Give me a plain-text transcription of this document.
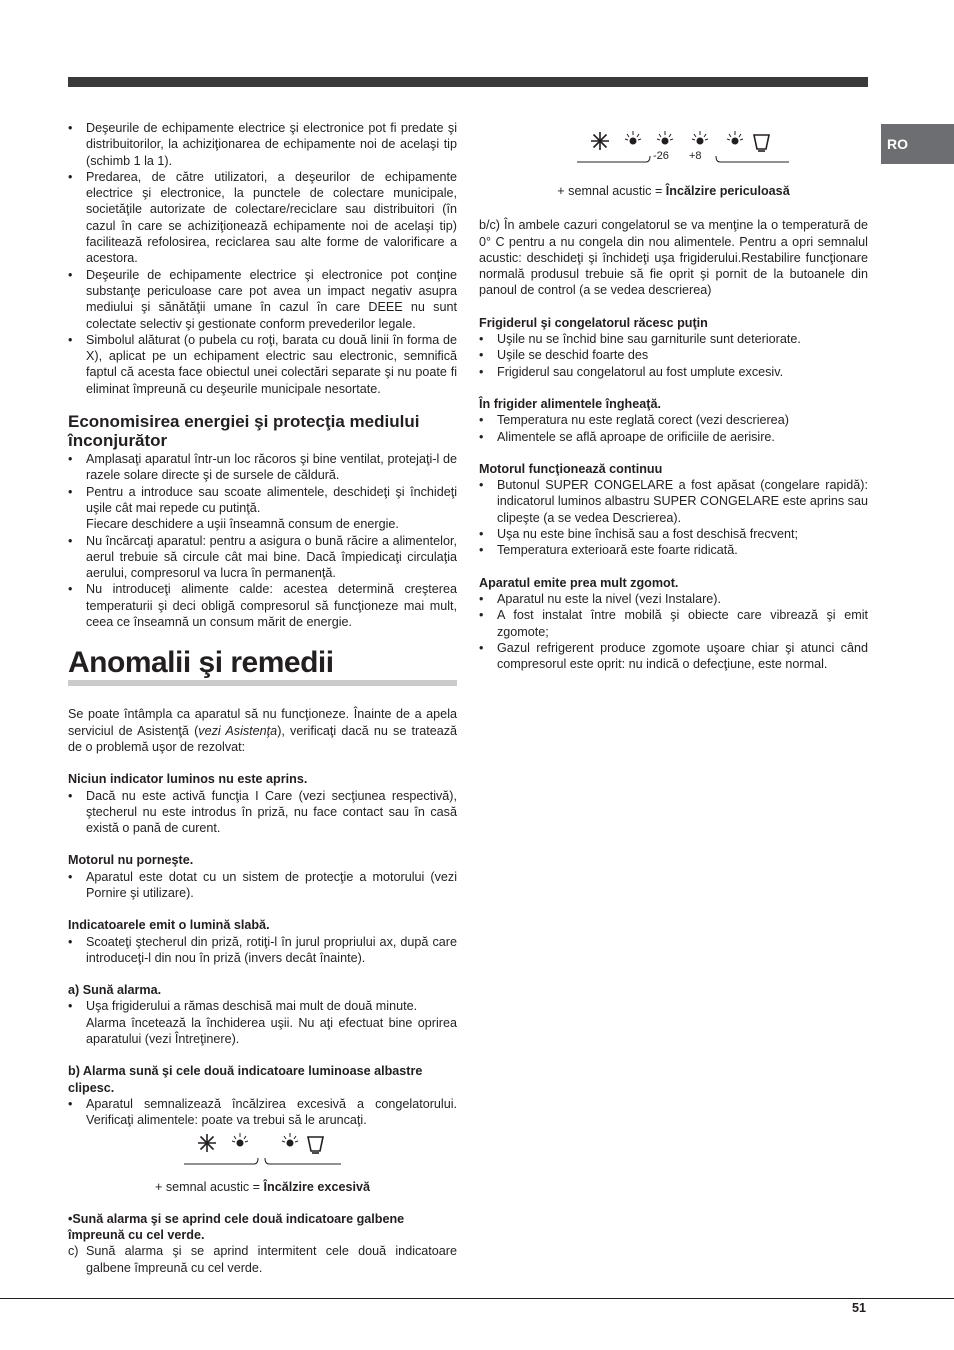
RO
• Deşeurile de echipamente electrice şi electronice pot fi predate şi distribuitorilor, la achiziţionarea de echipamente noi de acelaşi tip (schimb 1 la 1).
• Predarea, de către utilizatori, a deşeurilor de echipamente electrice şi electronice, la punctele de colectare municipale, societăţile autorizate de colectare/reciclare sau distribuitori (în cazul în care se achiziţionează echipamente noi de acelaşi tip) facilitează refolosirea, reciclarea sau alte forme de valorificare a acestora.
• Deşeurile de echipamente electrice şi electronice pot conţine substanţe periculoase care pot avea un impact negativ asupra mediului şi sănătăţii umane în cazul în care DEEE nu sunt colectate selectiv şi gestionate conform prevederilor legale.
• Simbolul alăturat (o pubela cu roţi, barata cu două linii în forma de X), aplicat pe un echipament electric sau electronic, semnifică faptul că acesta face obiectul unei colectări separate şi nu poate fi eliminat împreună cu deşeurile municipale nesortate.
Economisirea energiei şi protecţia mediului înconjurător
• Amplasaţi aparatul într-un loc răcoros şi bine ventilat, protejaţi-l de razele solare directe şi de sursele de căldură.
• Pentru a introduce sau scoate alimentele, deschideţi şi închideţi uşile cât mai repede cu putinţă.
Fiecare deschidere a uşii înseamnă consum de energie.
• Nu încărcaţi aparatul: pentru a asigura o bună răcire a alimentelor, aerul trebuie să circule cât mai bine. Dacă împiedicaţi circulaţia aerului, compresorul va lucra în permanenţă.
• Nu introduceţi alimente calde: acestea determină creşterea temperaturii şi deci obligă compresorul să funcţioneze mai mult, ceea ce înseamnă un consum mărit de energie.
Anomalii şi remedii

Se poate întâmpla ca aparatul să nu funcţioneze. Înainte de a apela serviciul de Asistenţă (vezi Asistenţa), verificaţi dacă nu se tratează de o problemă uşor de rezolvat:

Niciun indicator luminos nu este aprins.
• Dacă nu este activă funcţia I Care (vezi secţiunea respectivă), ştecherul nu este introdus în priză, nu face contact sau în casă există o pană de curent.
Motorul nu porneşte.
• Aparatul este dotat cu un sistem de protecţie a motorului (vezi Pornire şi utilizare).
Indicatoarele emit o lumină slabă.
• Scoateţi ştecherul din priză, rotiţi-l în jurul propriului ax, după care introduceţi-l din nou în priză (invers decât înainte).
a) Sună alarma.
• Uşa frigiderului a rămas deschisă mai mult de două minute.
Alarma încetează la închiderea uşii. Nu aţi efectuat bine oprirea aparatului (vezi Întreţinere).
b) Alarma sună şi cele două indicatoare luminoase albastre clipesc.
• Aparatul semnalizează încălzirea excesivă a congelatorului. Verificaţi alimentele: poate va trebui să le aruncaţi.
+ semnal acustic = Încălzire excesivă
•Sună alarma şi se aprind cele două indicatoare galbene împreună cu cel verde.

c) Sună alarma şi se aprind intermitent cele două indicatoare galbene împreună cu cel verde.

-26 +8
+ semnal acustic = Încălzire periculoasă

b/c) În ambele cazuri congelatorul se va menţine la o temperatură de 0° C pentru a nu congela din nou alimentele. Pentru a opri semnalul acustic: deschideţi şi închideţi uşa frigiderului.Restabilire funcţionare normală produsul trebuie să fie oprit şi pornit de la butoanele din panoul de control (a se vedea descrierea)

Frigiderul şi congelatorul răcesc puţin
• Uşile nu se închid bine sau garniturile sunt deteriorate.
• Uşile se deschid foarte des
• Frigiderul sau congelatorul au fost umplute excesiv.
În frigider alimentele îngheaţă.
• Temperatura nu este reglată corect (vezi descrierea)
• Alimentele se află aproape de orificiile de aerisire.
Motorul funcţionează continuu
• Butonul SUPER CONGELARE a fost apăsat (congelare rapidă): indicatorul luminos albastru SUPER CONGELARE este aprins sau clipeşte (a se vedea Descrierea).
• Uşa nu este bine închisă sau a fost deschisă frecvent;
• Temperatura exterioară este foarte ridicată.
Aparatul emite prea mult zgomot.
• Aparatul nu este la nivel (vezi Instalare).
• A fost instalat între mobilă şi obiecte care vibrează şi emit zgomote;
• Gazul refrigerent produce zgomote uşoare chiar şi atunci când compresorul este oprit: nu indică o defecţiune, este normal.
51
